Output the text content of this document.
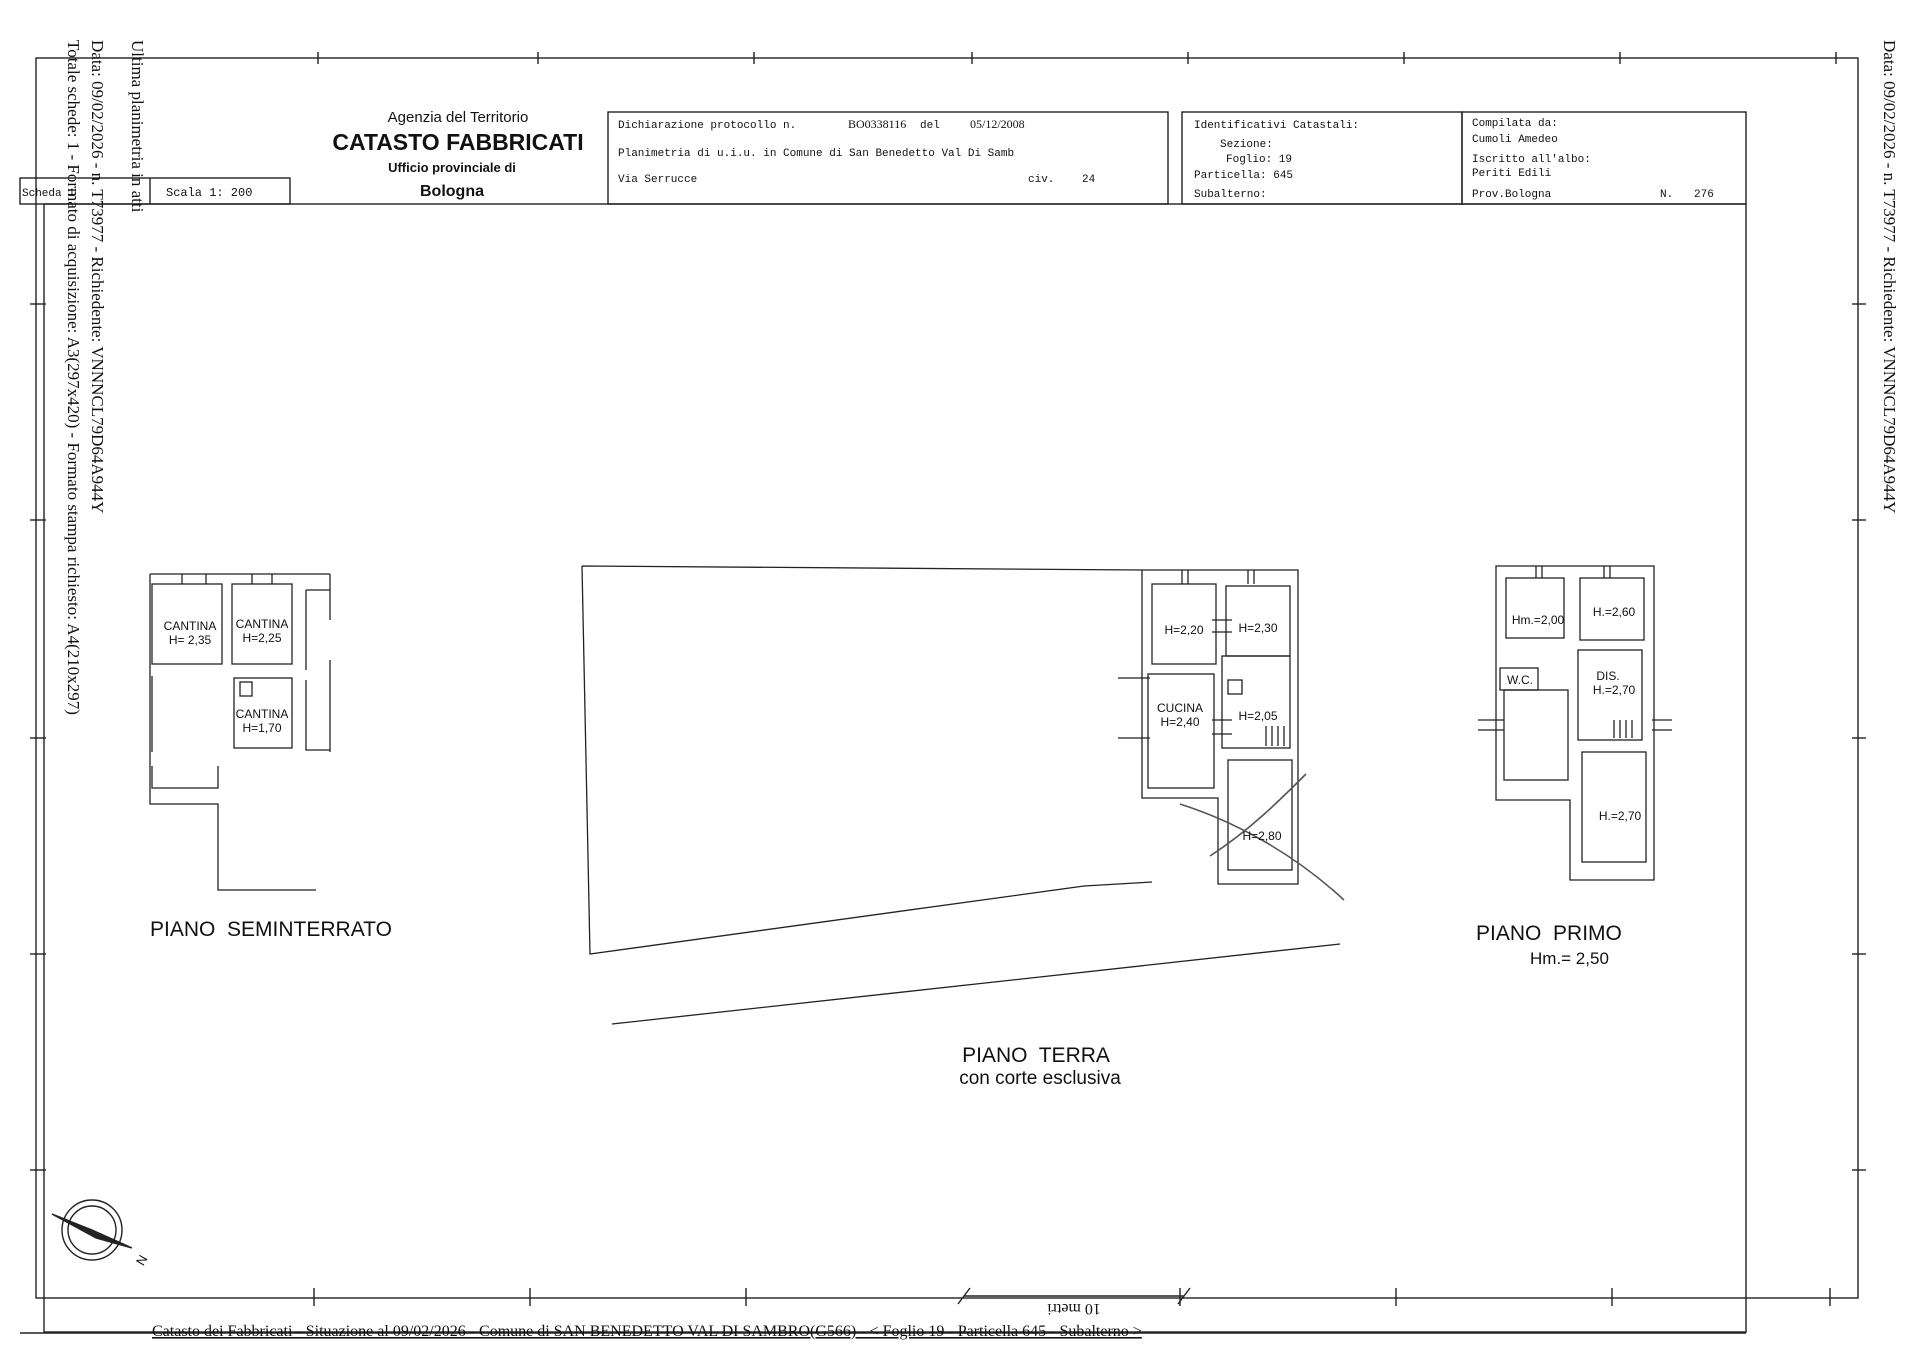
Ultima planimetria in atti
Data: 09/02/2026 - n. T73977 - Richiedente: VNNNCL79D64A944Y
Totale schede: 1 - Formato di acquisizione: A3(297x420) - Formato stampa richiesto: A4(210x297)	Data: 09/02/2026 - n. T73977 - Richiedente: VNNNCL79D64A944Y
Scheda 1	Scala 1: 200
Agenzia del Territorio
CATASTO FABBRICATI
Ufficio provinciale di
Bologna
Dichiarazione protocollo n.	BO0338116 del	05/12/2008
Planimetria di u.i.u. in Comune di San Benedetto Val Di Samb
Via Serrucce	civ.	24
Identificativi Catastali:
Sezione:
Foglio: 19
Particella: 645
Subalterno:
Compilata da:
Cumoli Amedeo
Iscritto all'albo:
Periti Edili
Prov.Bologna	N. 276
CANTINA
H= 2,35
CANTINA
H=2,25
CANTINA
H=1,70
PIANO  SEMINTERRATO
H=2,20	H=2,30
CUCINA
H=2,40	H=2,05
H=2,80
PIANO  TERRA
con corte esclusiva
Hm.=2,00
H.=2,60
W.C.	DIS.
H.=2,70
H.=2,70
PIANO  PRIMO
Hm.= 2,50
N
10 metri
Catasto dei Fabbricati - Situazione al 09/02/2026 - Comune di SAN BENEDETTO VAL DI SAMBRO(G566) - < Foglio 19 - Particella 645 - Subalterno >
